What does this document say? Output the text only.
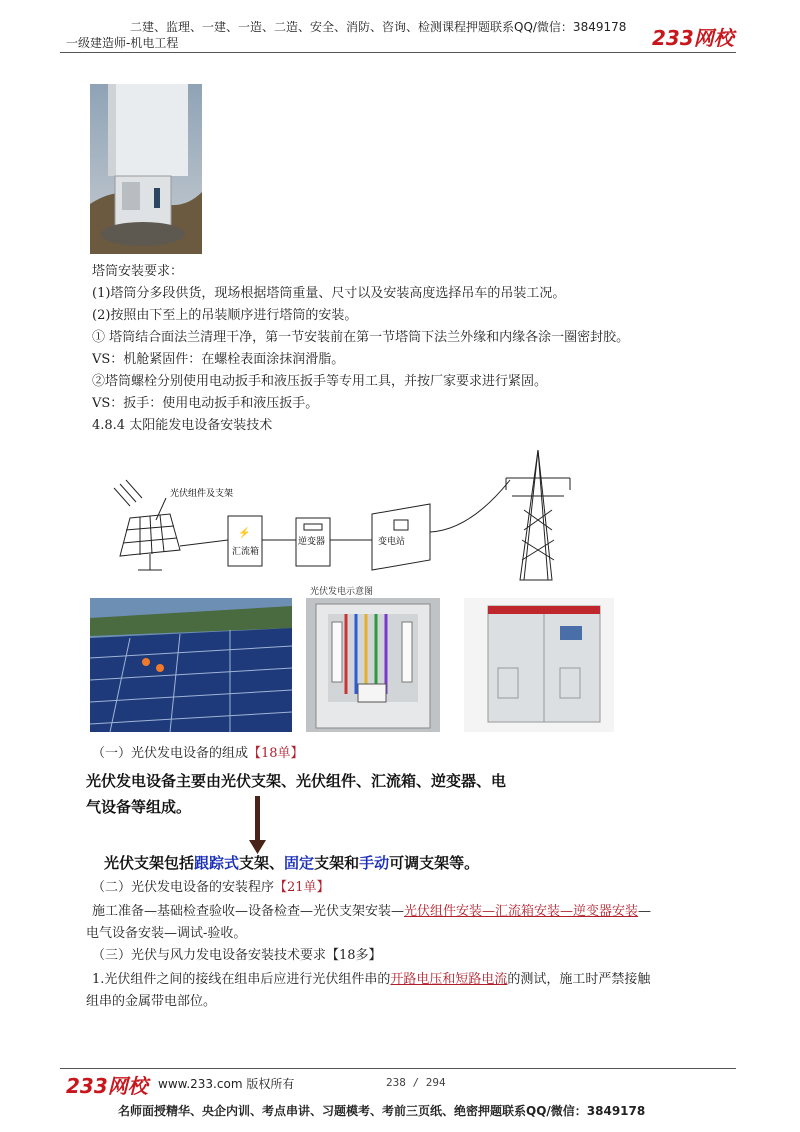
二建、监理、一建、一造、二造、安全、消防、咨询、检测课程押题联系QQ/微信：3849178
一级建造师-机电工程	233网校
塔筒安装要求：
(1)塔筒分多段供货，现场根据塔筒重量、尺寸以及安装高度选择吊车的吊装工况。
(2)按照由下至上的吊装顺序进行塔筒的安装。
① 塔筒结合面法兰清理干净，第一节安装前在第一节塔筒下法兰外缘和内缘各涂一圈密封胶。
VS：机舱紧固件：在螺栓表面涂抹润滑脂。
②塔筒螺栓分别使用电动扳手和液压扳手等专用工具，并按厂家要求进行紧固。
VS：扳手：使用电动扳手和液压扳手。
4.8.4 太阳能发电设备安装技术
光伏组件及支架
⚡
汇流箱
逆变器	变电站
光伏发电示意图
（一）光伏发电设备的组成【18单】
光伏发电设备主要由光伏支架、光伏组件、汇流箱、逆变器、电
气设备等组成。
光伏支架包括跟踪式支架、固定支架和手动可调支架等。
（二）光伏发电设备的安装程序【21单】
施工准备—基础检查验收—设备检查—光伏支架安装—光伏组件安装—汇流箱安装—逆变器安装—
电气设备安装—调试-验收。
（三）光伏与风力发电设备安装技术要求【18多】
1.光伏组件之间的接线在组串后应进行光伏组件串的开路电压和短路电流的测试，施工时严禁接触
组串的金属带电部位。
233网校 www.233.com 版权所有	238 / 294
名师面授精华、央企内训、考点串讲、习题模考、考前三页纸、绝密押题联系QQ/微信：3849178
